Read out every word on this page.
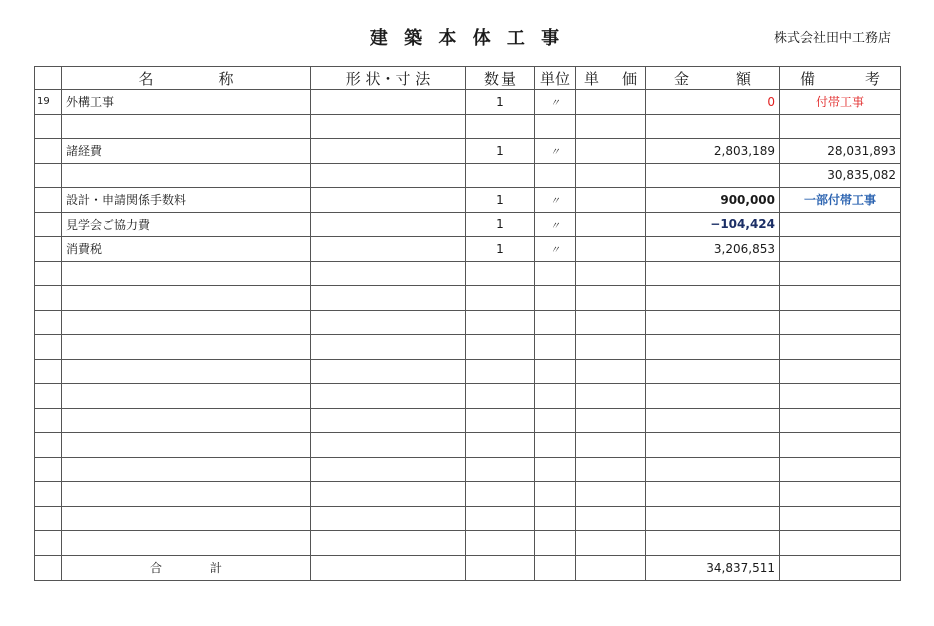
建 築 本 体 工 事	株式会社田中工務店

	名 称	形 状・寸 法	数 量	単位	単 価	金 額	備 考

19	外構工事		1	〃		0	付帯工事

	諸経費		1	〃		2,803,189	28,031,893
							30,835,082
	設計・申請関係手数料		1	〃		900,000	一部付帯工事
	見学会ご協力費		1	〃		−104,424	
	消費税		1	〃		3,206,853	

	合 計					34,837,511	
